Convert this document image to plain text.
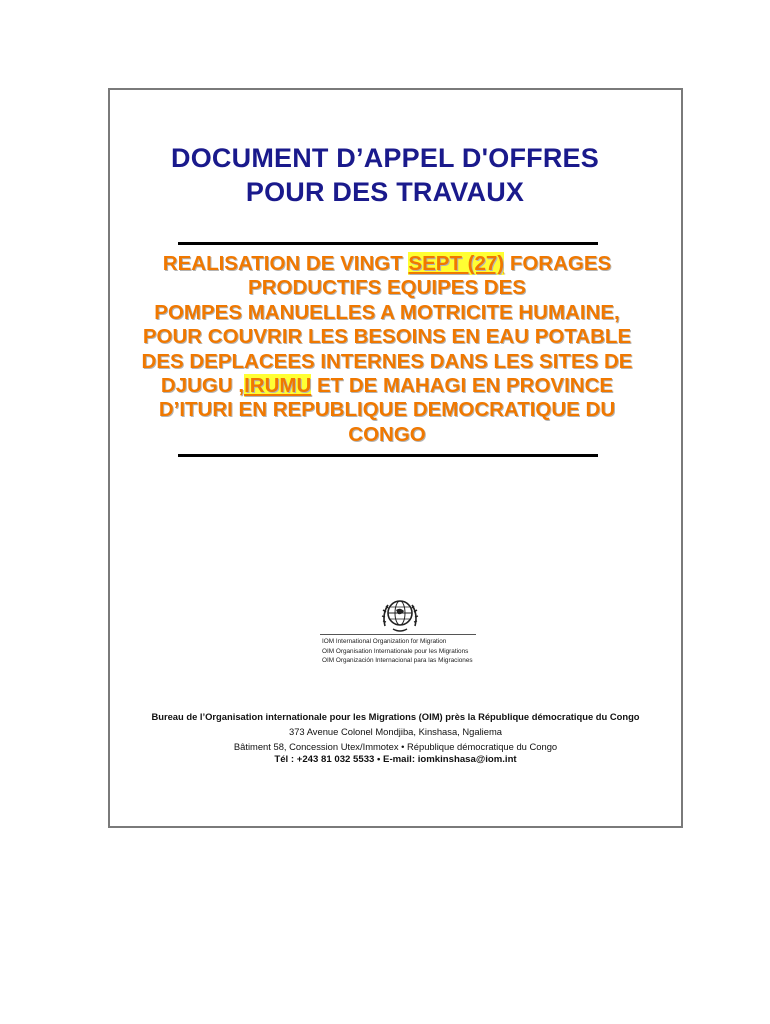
DOCUMENT D’APPEL D'OFFRES
POUR DES TRAVAUX
REALISATION DE VINGT SEPT (27) FORAGES
PRODUCTIFS EQUIPES DES
POMPES MANUELLES A MOTRICITE HUMAINE,
POUR COUVRIR LES BESOINS EN EAU POTABLE
DES DEPLACEES INTERNES DANS LES SITES DE
DJUGU ,IRUMU ET DE MAHAGI EN PROVINCE
D’ITURI EN REPUBLIQUE DEMOCRATIQUE DU
CONGO
IOM International Organization for Migration
OIM Organisation Internationale pour les Migrations
OIM Organización Internacional para las Migraciones
Bureau de l’Organisation internationale pour les Migrations (OIM) près la République démocratique du Congo
373 Avenue Colonel Mondjiba, Kinshasa, Ngaliema
Bâtiment 58, Concession Utex/Immotex • République démocratique du Congo
Tél : +243 81 032 5533 • E-mail: iomkinshasa@iom.int
